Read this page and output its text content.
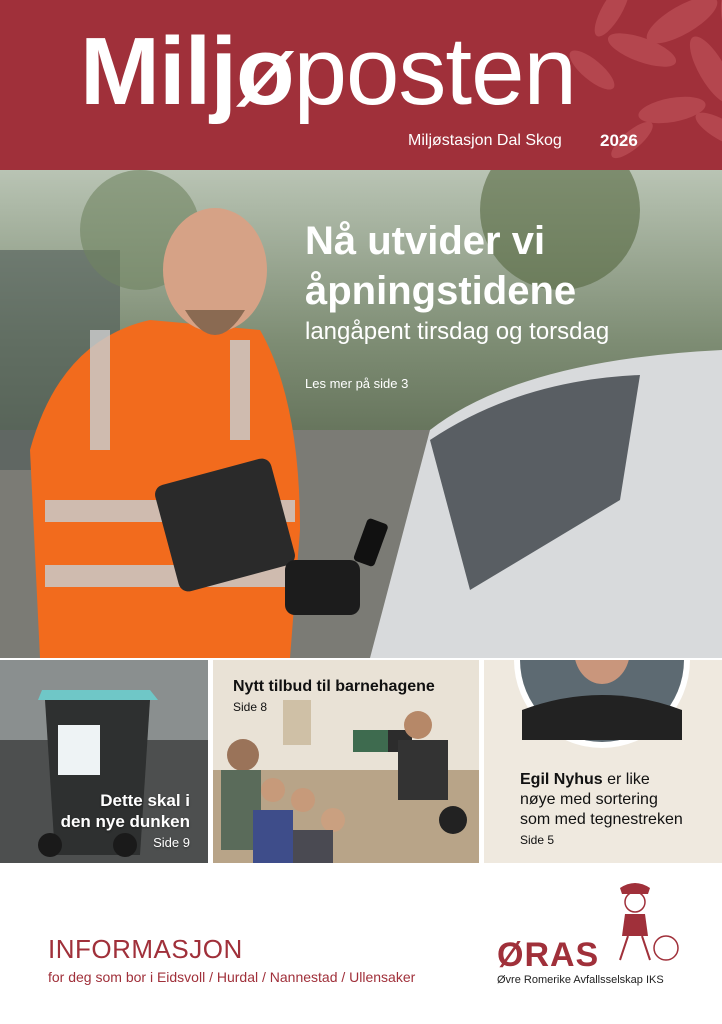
Miljøposten
Miljøstasjon Dal Skog 2026
Nå utvider vi
åpningstidene
langåpent tirsdag og torsdag
Les mer på side 3
Dette skal i
den nye dunken
Side 9
Nytt tilbud til barnehagene
Side 8
Egil Nyhus er like
nøye med sortering
som med tegnestreken
Side 5
INFORMASJON
for deg som bor i Eidsvoll / Hurdal / Nannestad / Ullensaker
ØRAS
Øvre Romerike Avfallsselskap IKS
